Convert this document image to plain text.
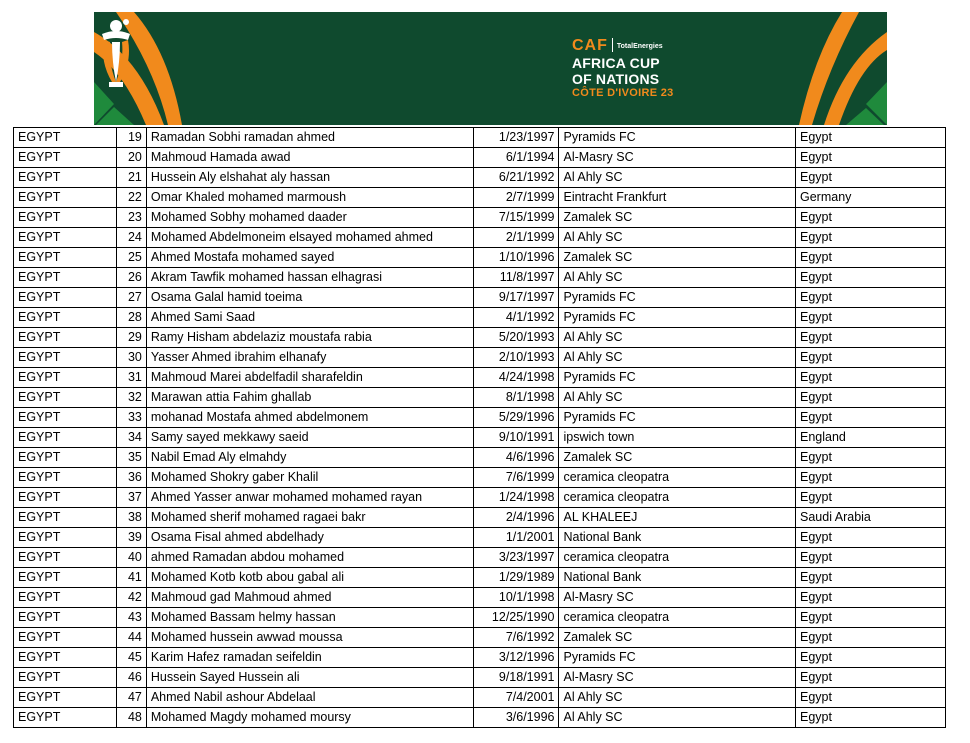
CAF TotalEnergies
AFRICA CUP
OF NATIONS
CÔTE D'IVOIRE 23
EGYPT	19	Ramadan Sobhi ramadan ahmed	1/23/1997	Pyramids FC	Egypt
EGYPT	20	Mahmoud Hamada awad	6/1/1994	Al-Masry SC	Egypt
EGYPT	21	Hussein Aly elshahat aly hassan	6/21/1992	Al Ahly SC	Egypt
EGYPT	22	Omar Khaled mohamed marmoush	2/7/1999	Eintracht Frankfurt	Germany
EGYPT	23	Mohamed Sobhy mohamed daader	7/15/1999	Zamalek SC	Egypt
EGYPT	24	Mohamed Abdelmoneim elsayed mohamed ahmed	2/1/1999	Al Ahly SC	Egypt
EGYPT	25	Ahmed Mostafa mohamed sayed	1/10/1996	Zamalek SC	Egypt
EGYPT	26	Akram Tawfik mohamed hassan elhagrasi	11/8/1997	Al Ahly SC	Egypt
EGYPT	27	Osama Galal hamid toeima	9/17/1997	Pyramids FC	Egypt
EGYPT	28	Ahmed Sami Saad	4/1/1992	Pyramids FC	Egypt
EGYPT	29	Ramy Hisham abdelaziz moustafa rabia	5/20/1993	Al Ahly SC	Egypt
EGYPT	30	Yasser Ahmed ibrahim elhanafy	2/10/1993	Al Ahly SC	Egypt
EGYPT	31	Mahmoud Marei abdelfadil sharafeldin	4/24/1998	Pyramids FC	Egypt
EGYPT	32	Marawan attia Fahim ghallab	8/1/1998	Al Ahly SC	Egypt
EGYPT	33	mohanad Mostafa ahmed abdelmonem	5/29/1996	Pyramids FC	Egypt
EGYPT	34	Samy sayed mekkawy saeid	9/10/1991	ipswich town	England
EGYPT	35	Nabil Emad Aly elmahdy	4/6/1996	Zamalek SC	Egypt
EGYPT	36	Mohamed Shokry gaber Khalil	7/6/1999	ceramica cleopatra	Egypt
EGYPT	37	Ahmed Yasser anwar mohamed mohamed rayan	1/24/1998	ceramica cleopatra	Egypt
EGYPT	38	Mohamed sherif mohamed ragaei bakr	2/4/1996	AL KHALEEJ	Saudi Arabia
EGYPT	39	Osama Fisal ahmed abdelhady	1/1/2001	National Bank	Egypt
EGYPT	40	ahmed Ramadan abdou mohamed	3/23/1997	ceramica cleopatra	Egypt
EGYPT	41	Mohamed Kotb kotb abou gabal ali	1/29/1989	National Bank	Egypt
EGYPT	42	Mahmoud gad Mahmoud ahmed	10/1/1998	Al-Masry SC	Egypt
EGYPT	43	Mohamed Bassam helmy hassan	12/25/1990	ceramica cleopatra	Egypt
EGYPT	44	Mohamed hussein awwad moussa	7/6/1992	Zamalek SC	Egypt
EGYPT	45	Karim Hafez ramadan seifeldin	3/12/1996	Pyramids FC	Egypt
EGYPT	46	Hussein Sayed Hussein ali	9/18/1991	Al-Masry SC	Egypt
EGYPT	47	Ahmed Nabil ashour Abdelaal	7/4/2001	Al Ahly SC	Egypt
EGYPT	48	Mohamed Magdy mohamed moursy	3/6/1996	Al Ahly SC	Egypt
